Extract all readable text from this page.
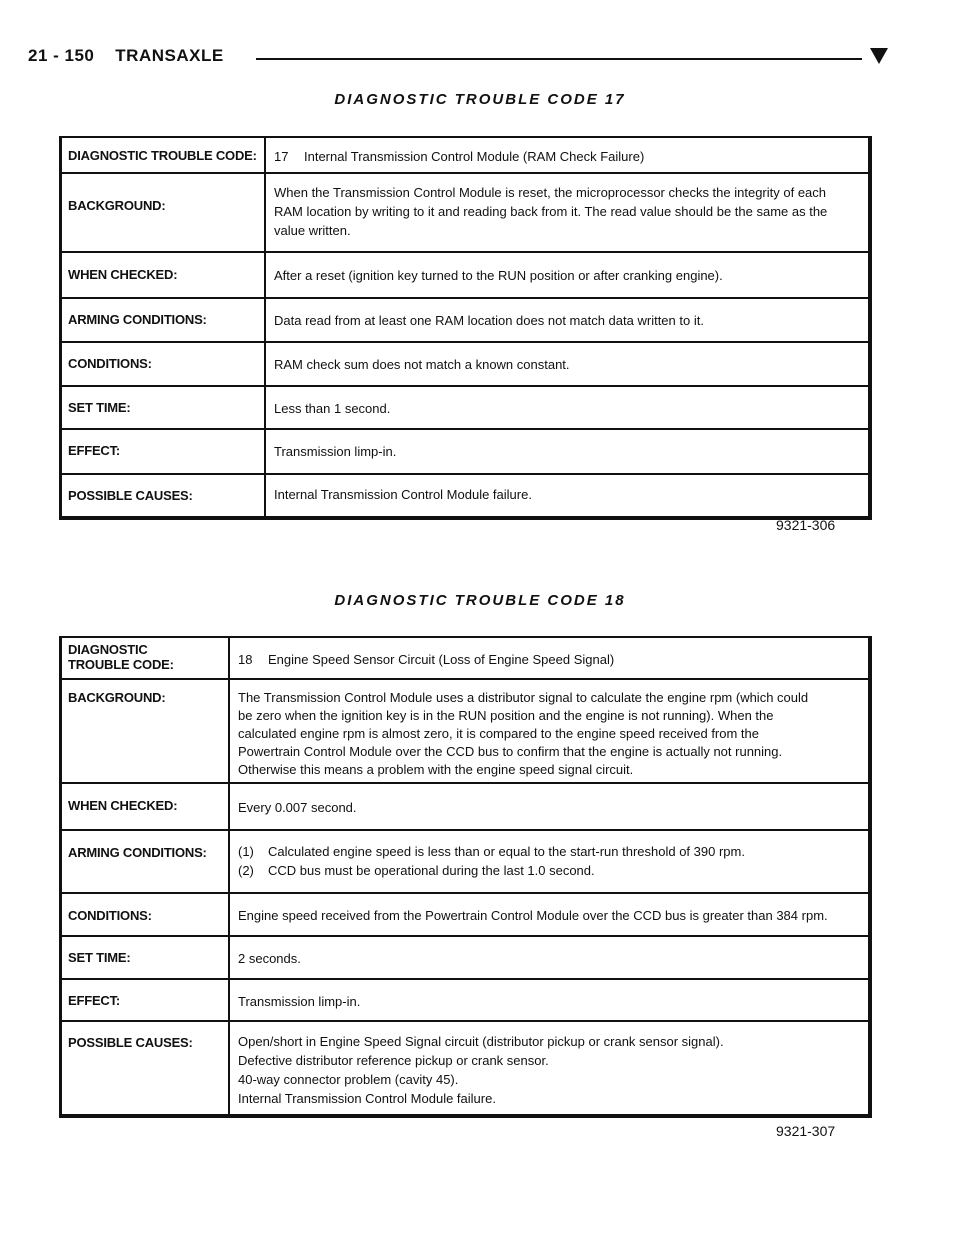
21 - 150 TRANSAXLE
DIAGNOSTIC TROUBLE CODE 17
DIAGNOSTIC TROUBLE CODE:	17 Internal Transmission Control Module (RAM Check Failure)
BACKGROUND:
When the Transmission Control Module is reset, the microprocessor checks the integrity of each
RAM location by writing to it and reading back from it. The read value should be the same as the
value written.
WHEN CHECKED:	After a reset (ignition key turned to the RUN position or after cranking engine).
ARMING CONDITIONS:	Data read from at least one RAM location does not match data written to it.
CONDITIONS:	RAM check sum does not match a known constant.
SET TIME:	Less than 1 second.
EFFECT:	Transmission limp-in.
POSSIBLE CAUSES:	Internal Transmission Control Module failure.
9321-306
DIAGNOSTIC TROUBLE CODE 18
DIAGNOSTIC TROUBLE CODE:	18 Engine Speed Sensor Circuit (Loss of Engine Speed Signal)
BACKGROUND:	The Transmission Control Module uses a distributor signal to calculate the engine rpm (which could
be zero when the ignition key is in the RUN position and the engine is not running). When the
calculated engine rpm is almost zero, it is compared to the engine speed received from the
Powertrain Control Module over the CCD bus to confirm that the engine is actually not running.
Otherwise this means a problem with the engine speed signal circuit.
WHEN CHECKED:	Every 0.007 second.
ARMING CONDITIONS:	(1) Calculated engine speed is less than or equal to the start-run threshold of 390 rpm.
(2) CCD bus must be operational during the last 1.0 second.
CONDITIONS:	Engine speed received from the Powertrain Control Module over the CCD bus is greater than 384 rpm.
SET TIME:	2 seconds.
EFFECT:	Transmission limp-in.
POSSIBLE CAUSES:	Open/short in Engine Speed Signal circuit (distributor pickup or crank sensor signal).
Defective distributor reference pickup or crank sensor.
40-way connector problem (cavity 45).
Internal Transmission Control Module failure.
9321-307
